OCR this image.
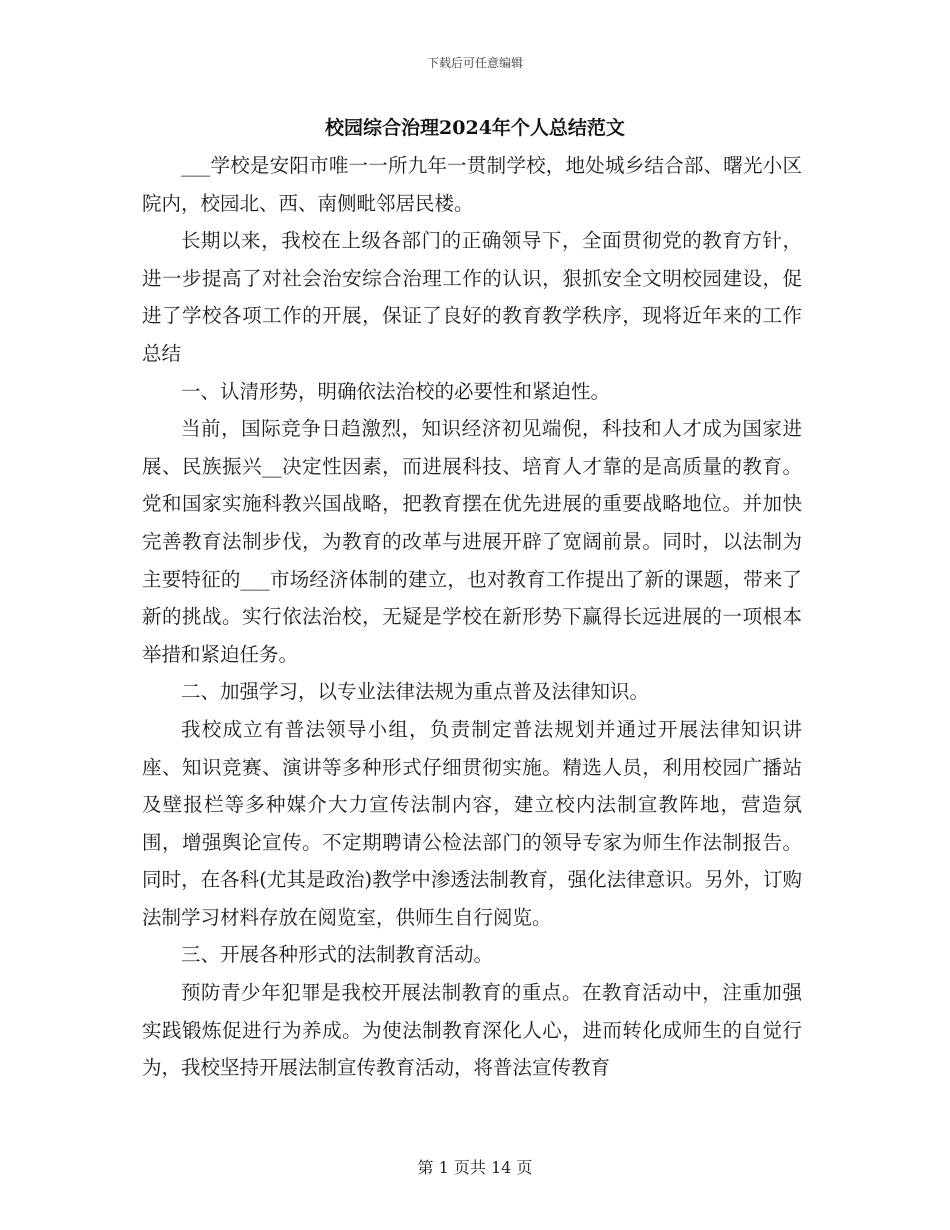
下载后可任意编辑
校园综合治理2024年个人总结范文

___学校是安阳市唯一一所九年一贯制学校，地处城乡结合部、曙光小区院内，校园北、西、南侧毗邻居民楼。

长期以来，我校在上级各部门的正确领导下，全面贯彻党的教育方针，进一步提高了对社会治安综合治理工作的认识，狠抓安全文明校园建设，促进了学校各项工作的开展，保证了良好的教育教学秩序，现将近年来的工作总结

一、认清形势，明确依法治校的必要性和紧迫性。

当前，国际竞争日趋激烈，知识经济初见端倪，科技和人才成为国家进展、民族振兴__决定性因素，而进展科技、培育人才靠的是高质量的教育。党和国家实施科教兴国战略，把教育摆在优先进展的重要战略地位。并加快完善教育法制步伐，为教育的改革与进展开辟了宽阔前景。同时，以法制为主要特征的___市场经济体制的建立，也对教育工作提出了新的课题，带来了新的挑战。实行依法治校，无疑是学校在新形势下赢得长远进展的一项根本举措和紧迫任务。

二、加强学习，以专业法律法规为重点普及法律知识。

我校成立有普法领导小组，负责制定普法规划并通过开展法律知识讲座、知识竞赛、演讲等多种形式仔细贯彻实施。精选人员，利用校园广播站及壁报栏等多种媒介大力宣传法制内容，建立校内法制宣教阵地，营造氛围，增强舆论宣传。不定期聘请公检法部门的领导专家为师生作法制报告。同时，在各科(尤其是政治)教学中渗透法制教育，强化法律意识。另外，订购法制学习材料存放在阅览室，供师生自行阅览。

三、开展各种形式的法制教育活动。

预防青少年犯罪是我校开展法制教育的重点。在教育活动中，注重加强实践锻炼促进行为养成。为使法制教育深化人心，进而转化成师生的自觉行为，我校坚持开展法制宣传教育活动，将普法宣传教育

第 1 页共 14 页
